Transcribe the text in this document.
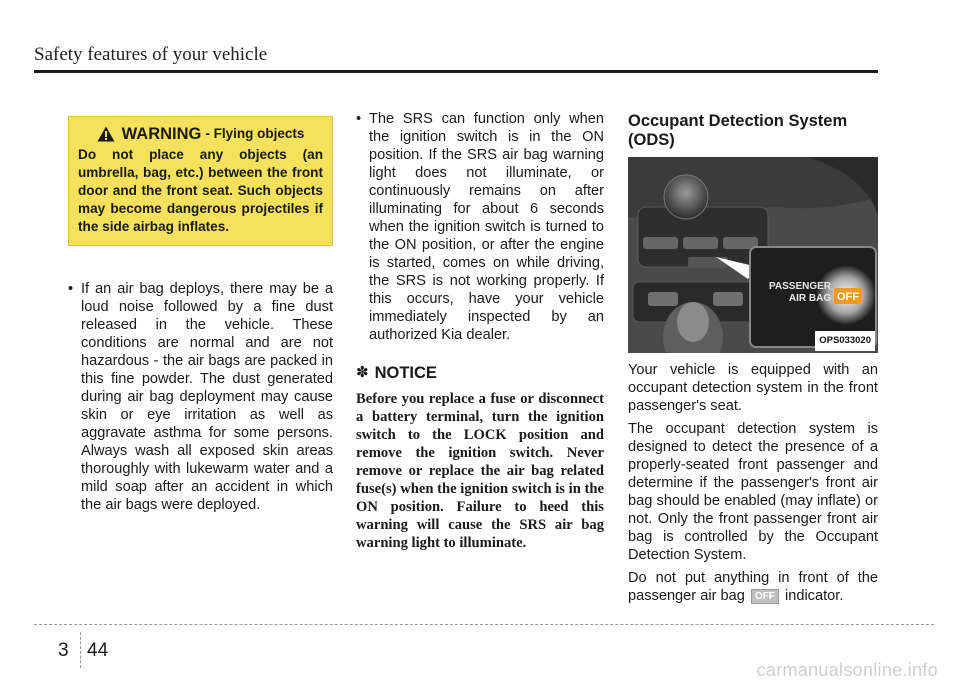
Safety features of your vehicle
WARNING - Flying objects
Do not place any objects (an umbrella, bag, etc.) between the front door and the front seat. Such objects may become dangerous projectiles if the side airbag inflates.
• If an air bag deploys, there may be a loud noise followed by a fine dust released in the vehicle. These conditions are normal and are not hazardous - the air bags are packed in this fine powder. The dust generated during air bag deployment may cause skin or eye irritation as well as aggravate asthma for some persons. Always wash all exposed skin areas thoroughly with lukewarm water and a mild soap after an accident in which the air bags were deployed.
• The SRS can function only when the ignition switch is in the ON position. If the SRS air bag warning light does not illuminate, or continuously remains on after illuminating for about 6 seconds when the ignition switch is turned to the ON position, or after the engine is started, comes on while driving, the SRS is not working properly. If this occurs, have your vehicle immediately inspected by an authorized Kia dealer.
✽ NOTICE
Before you replace a fuse or disconnect a battery terminal, turn the ignition switch to the LOCK position and remove the ignition switch. Never remove or replace the air bag related fuse(s) when the ignition switch is in the ON position. Failure to heed this warning will cause the SRS air bag warning light to illuminate.
Occupant Detection System (ODS)
PASSENGER
AIR BAG OFF
OPS033020

Your vehicle is equipped with an occupant detection system in the front passenger's seat.

The occupant detection system is designed to detect the presence of a properly-seated front passenger and determine if the passenger's front air bag should be enabled (may inflate) or not. Only the front passenger front air bag is controlled by the Occupant Detection System.

Do not put anything in front of the passenger air bag OFF indicator.

3 44
carmanualsonline.info
